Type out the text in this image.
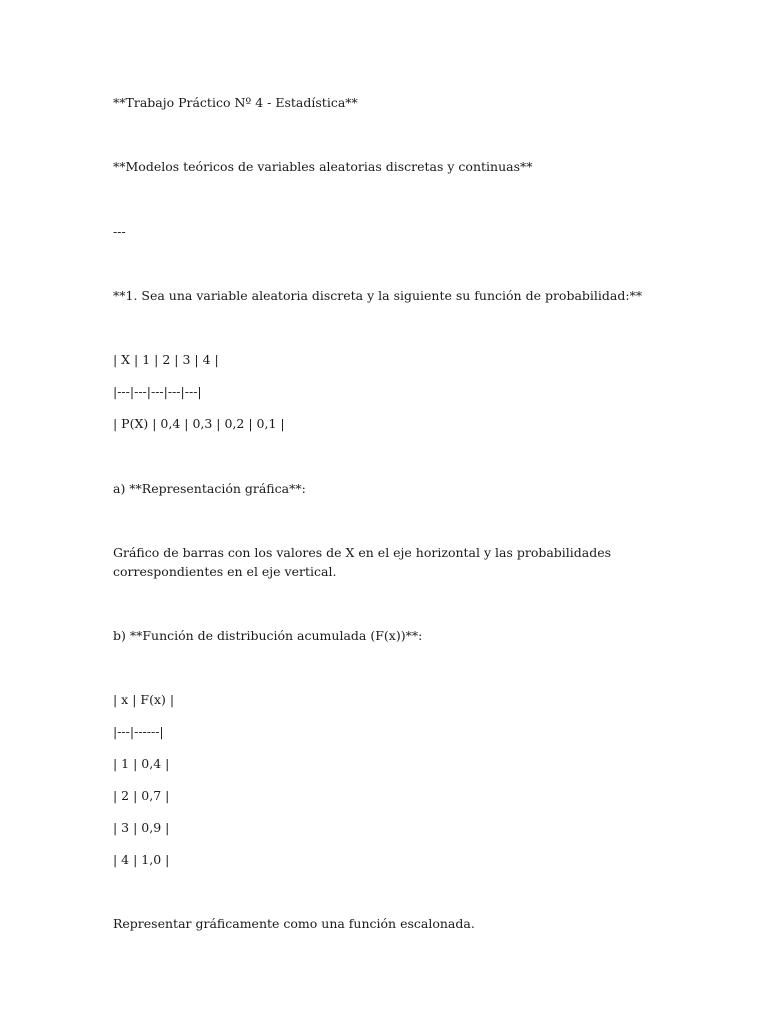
**Trabajo Práctico Nº 4 - Estadística**

**Modelos teóricos de variables aleatorias discretas y continuas**

---

**1. Sea una variable aleatoria discreta y la siguiente su función de probabilidad:**

| X | 1 | 2 | 3 | 4 |

|---|---|---|---|---|

| P(X) | 0,4 | 0,3 | 0,2 | 0,1 |

a) **Representación gráfica**:

Gráfico de barras con los valores de X en el eje horizontal y las probabilidades correspondientes en el eje vertical.

b) **Función de distribución acumulada (F(x))**:

| x | F(x) |

|---|------|

| 1 | 0,4 |

| 2 | 0,7 |

| 3 | 0,9 |

| 4 | 1,0 |

Representar gráficamente como una función escalonada.
